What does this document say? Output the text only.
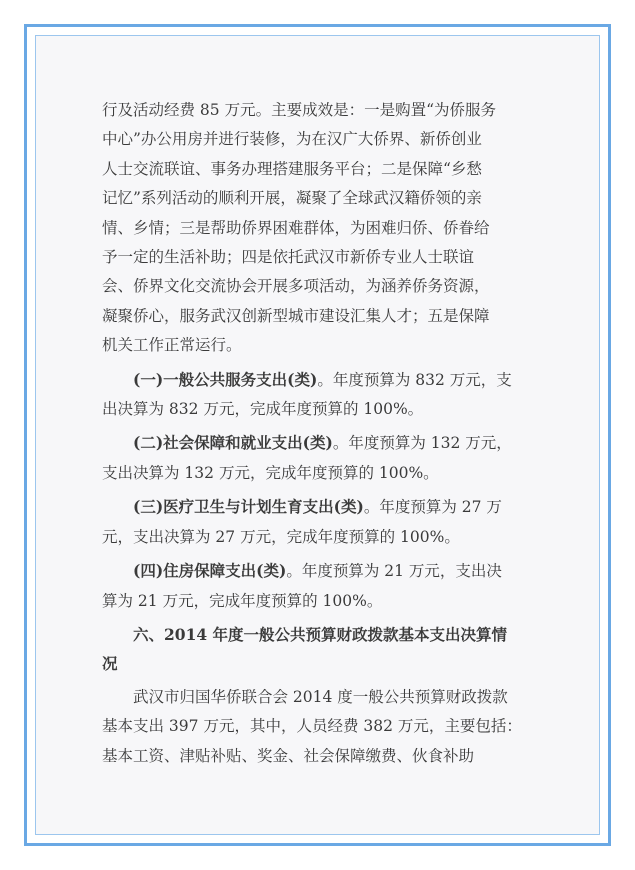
行及活动经费 85 万元。主要成效是：一是购置“为侨服务

中心”办公用房并进行装修，为在汉广大侨界、新侨创业

人士交流联谊、事务办理搭建服务平台；二是保障“乡愁

记忆”系列活动的顺利开展，凝聚了全球武汉籍侨领的亲

情、乡情；三是帮助侨界困难群体，为困难归侨、侨眷给

予一定的生活补助；四是依托武汉市新侨专业人士联谊

会、侨界文化交流协会开展多项活动，为涵养侨务资源，

凝聚侨心，服务武汉创新型城市建设汇集人才；五是保障

机关工作正常运行。

(一)一般公共服务支出(类)。年度预算为 832 万元，支

出决算为 832 万元，完成年度预算的 100%。

(二)社会保障和就业支出(类)。年度预算为 132 万元，

支出决算为 132 万元，完成年度预算的 100%。

(三)医疗卫生与计划生育支出(类)。年度预算为 27 万

元，支出决算为 27 万元，完成年度预算的 100%。

(四)住房保障支出(类)。年度预算为 21 万元，支出决

算为 21 万元，完成年度预算的 100%。

六、2014 年度一般公共预算财政拨款基本支出决算情

况

武汉市归国华侨联合会 2014 度一般公共预算财政拨款

基本支出 397 万元，其中，人员经费 382 万元，主要包括：

基本工资、津贴补贴、奖金、社会保障缴费、伙食补助
